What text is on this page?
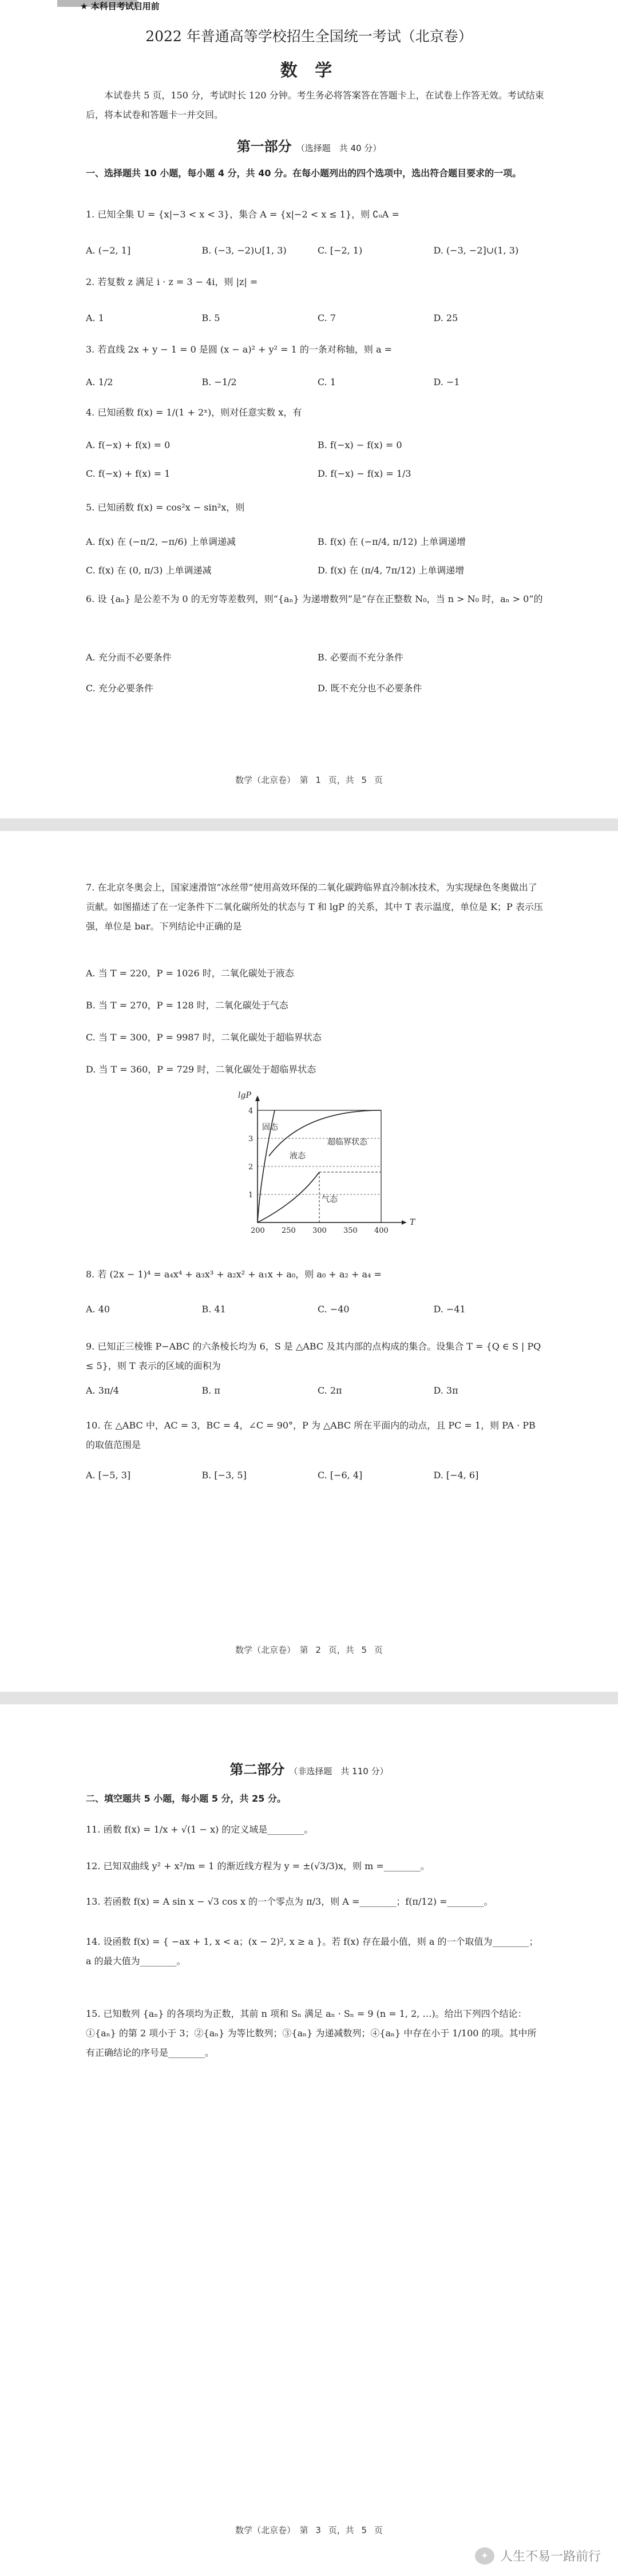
★ 本科目考试启用前
2022 年普通高等学校招生全国统一考试（北京卷）
数 学
本试卷共 5 页，150 分，考试时长 120 分钟。考生务必将答案答在答题卡上，在试卷上作答无效。考试结束后，将本试卷和答题卡一并交回。
第一部分 （选择题　共 40 分）
一、选择题共 10 小题，每小题 4 分，共 40 分。在每小题列出的四个选项中，选出符合题目要求的一项。
1. 已知全集 U = {x|−3 < x < 3}，集合 A = {x|−2 < x ≤ 1}，则 ∁ᵤA =
A. (−2, 1]	B. (−3, −2)∪[1, 3)	C. [−2, 1)	D. (−3, −2]∪(1, 3)
2. 若复数 z 满足 i · z = 3 − 4i，则 |z| =
A. 1	B. 5	C. 7	D. 25
3. 若直线 2x + y − 1 = 0 是圆 (x − a)² + y² = 1 的一条对称轴，则 a =
A. 1/2	B. −1/2	C. 1	D. −1
4. 已知函数 f(x) = 1/(1 + 2ˣ)，则对任意实数 x，有
A. f(−x) + f(x) = 0	B. f(−x) − f(x) = 0
C. f(−x) + f(x) = 1	D. f(−x) − f(x) = 1/3
5. 已知函数 f(x) = cos²x − sin²x，则
A. f(x) 在 (−π/2, −π/6) 上单调递减	B. f(x) 在 (−π/4, π/12) 上单调递增
C. f(x) 在 (0, π/3) 上单调递减	D. f(x) 在 (π/4, 7π/12) 上单调递增
6. 设 {aₙ} 是公差不为 0 的无穷等差数列，则“{aₙ} 为递增数列”是“存在正整数 N₀，当 n > N₀ 时，aₙ > 0”的
A. 充分而不必要条件	B. 必要而不充分条件
C. 充分必要条件	D. 既不充分也不必要条件
数学（北京卷）　第 1 页，共 5 页
7. 在北京冬奥会上，国家速滑馆“冰丝带”使用高效环保的二氧化碳跨临界直冷制冰技术，为实现绿色冬奥做出了贡献。如图描述了在一定条件下二氧化碳所处的状态与 T 和 lgP 的关系，其中 T 表示温度，单位是 K；P 表示压强，单位是 bar。下列结论中正确的是
A. 当 T = 220，P = 1026 时，二氧化碳处于液态
B. 当 T = 270，P = 128 时，二氧化碳处于气态
C. 当 T = 300，P = 9987 时，二氧化碳处于超临界状态
D. 当 T = 360，P = 729 时，二氧化碳处于超临界状态
固态
液态
超临界状态
气态
lgP
T
1
2
3
4
200 250 300 350 400
8. 若 (2x − 1)⁴ = a₄x⁴ + a₃x³ + a₂x² + a₁x + a₀，则 a₀ + a₂ + a₄ =
A. 40	B. 41	C. −40	D. −41
9. 已知正三棱锥 P−ABC 的六条棱长均为 6，S 是 △ABC 及其内部的点构成的集合。设集合 T = {Q ∈ S | PQ ≤ 5}，则 T 表示的区域的面积为
A. 3π/4	B. π	C. 2π	D. 3π
10. 在 △ABC 中，AC = 3，BC = 4，∠C = 90°，P 为 △ABC 所在平面内的动点，且 PC = 1，则 PA · PB 的取值范围是
A. [−5, 3]	B. [−3, 5]	C. [−6, 4]	D. [−4, 6]
数学（北京卷）　第 2 页，共 5 页
第二部分 （非选择题　共 110 分）
二、填空题共 5 小题，每小题 5 分，共 25 分。
11. 函数 f(x) = 1/x + √(1 − x) 的定义域是________。
12. 已知双曲线 y² + x²/m = 1 的渐近线方程为 y = ±(√3/3)x，则 m =________。
13. 若函数 f(x) = A sin x − √3 cos x 的一个零点为 π/3，则 A =________；f(π/12) =________。
14. 设函数 f(x) = { −ax + 1, x < a；(x − 2)², x ≥ a }。若 f(x) 存在最小值，则 a 的一个取值为________；a 的最大值为________。
15. 已知数列 {aₙ} 的各项均为正数，其前 n 项和 Sₙ 满足 aₙ · Sₙ = 9 (n = 1, 2, …)。给出下列四个结论：①{aₙ} 的第 2 项小于 3；②{aₙ} 为等比数列；③{aₙ} 为递减数列；④{aₙ} 中存在小于 1/100 的项。其中所有正确结论的序号是________。
数学（北京卷）　第 3 页，共 5 页
✦ 人生不易一路前行
